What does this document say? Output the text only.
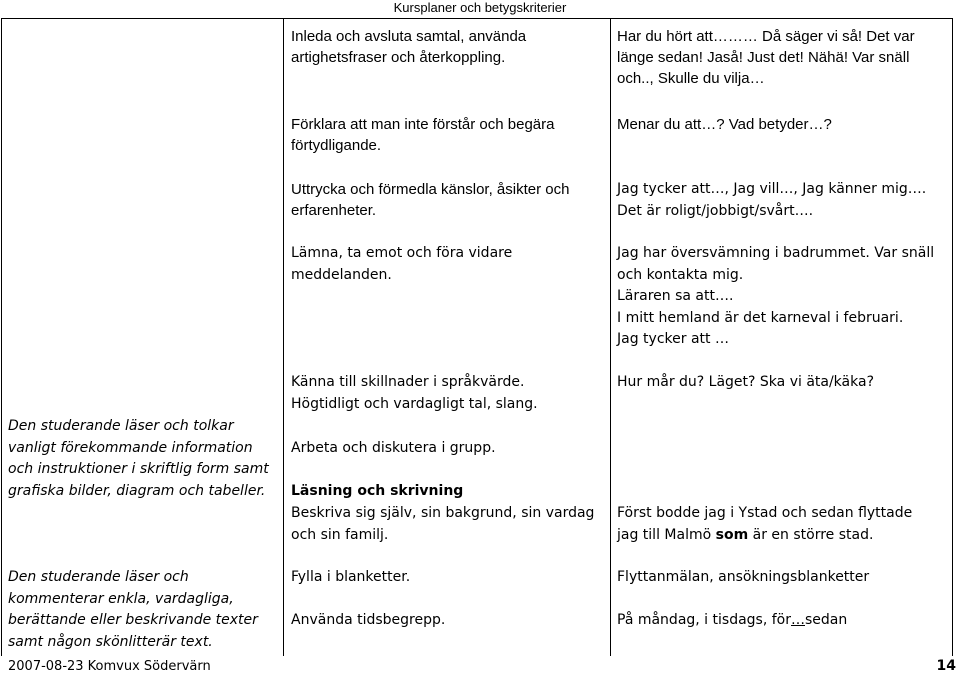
Kursplaner och betygskriterier

Inleda och avsluta samtal, använda
artighetsfraser och återkoppling.

Förklara att man inte förstår och begära
förtydligande.

Uttrycka och förmedla känslor, åsikter och
erfarenheter.

Lämna, ta emot och föra vidare
meddelanden.

Känna till skillnader i språkvärde.
Högtidligt och vardagligt tal, slang.

Arbeta och diskutera i grupp.

Läsning och skrivning

Beskriva sig själv, sin bakgrund, sin vardag
och sin familj.

Fylla i blanketter.

Använda tidsbegrepp.

Har du hört att……… Då säger vi så! Det var
länge sedan! Jaså! Just det! Nähä! Var snäll
och.., Skulle du vilja…

Menar du att…? Vad betyder…?

Jag tycker att…, Jag vill…, Jag känner mig….
Det är roligt/jobbigt/svårt….

Jag har översvämning i badrummet. Var snäll
och kontakta mig.
Läraren sa att….
I mitt hemland är det karneval i februari.
Jag tycker att …

Hur mår du? Läget? Ska vi äta/käka?

Först bodde jag i Ystad och sedan flyttade
jag till Malmö som är en större stad.

Flyttanmälan, ansökningsblanketter

På måndag, i tisdags, för…sedan

Den studerande läser och tolkar vanligt förekommande information och instruktioner i skriftlig form samt grafiska bilder, diagram och tabeller.

Den studerande läser och kommenterar enkla, vardagliga, berättande eller beskrivande texter samt någon skönlitterär text.

2007-08-23 Komvux Södervärn	14
